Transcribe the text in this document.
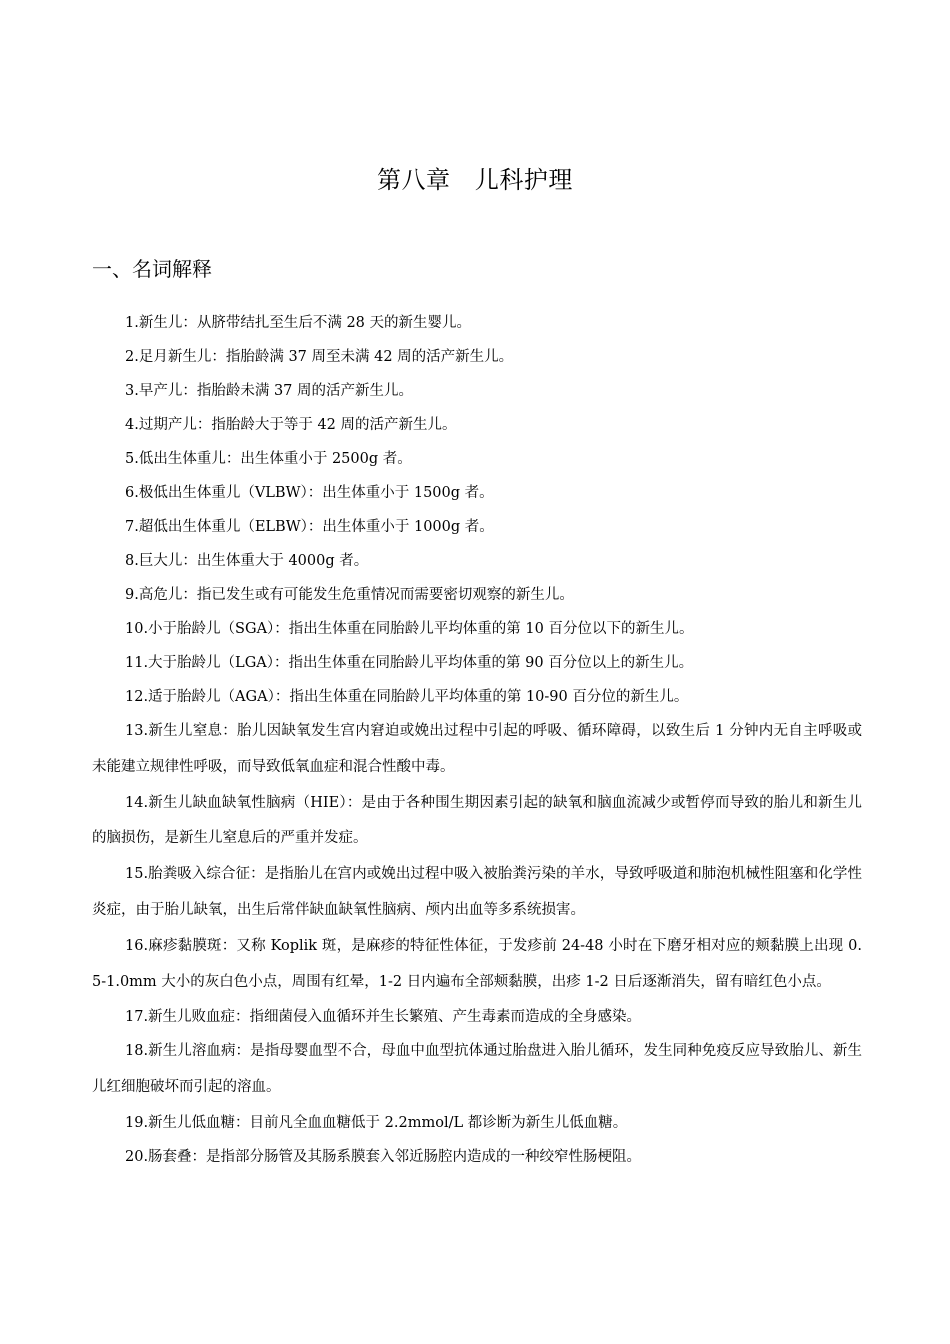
第八章   儿科护理
一、名词解释

1.新生儿：从脐带结扎至生后不满 28 天的新生婴儿。

2.足月新生儿：指胎龄满 37 周至未满 42 周的活产新生儿。

3.早产儿：指胎龄未满 37 周的活产新生儿。

4.过期产儿：指胎龄大于等于 42 周的活产新生儿。

5.低出生体重儿：出生体重小于 2500g 者。

6.极低出生体重儿（VLBW）：出生体重小于 1500g 者。

7.超低出生体重儿（ELBW）：出生体重小于 1000g 者。

8.巨大儿：出生体重大于 4000g 者。

9.高危儿：指已发生或有可能发生危重情况而需要密切观察的新生儿。

10.小于胎龄儿（SGA）：指出生体重在同胎龄儿平均体重的第 10 百分位以下的新生儿。

11.大于胎龄儿（LGA）：指出生体重在同胎龄儿平均体重的第 90 百分位以上的新生儿。

12.适于胎龄儿（AGA）：指出生体重在同胎龄儿平均体重的第 10-90 百分位的新生儿。

13.新生儿窒息：胎儿因缺氧发生宫内窘迫或娩出过程中引起的呼吸、循环障碍，以致生后 1 分钟内无自主呼吸或未能建立规律性呼吸，而导致低氧血症和混合性酸中毒。

14.新生儿缺血缺氧性脑病（HIE）：是由于各种围生期因素引起的缺氧和脑血流减少或暂停而导致的胎儿和新生儿的脑损伤，是新生儿窒息后的严重并发症。

15.胎粪吸入综合征：是指胎儿在宫内或娩出过程中吸入被胎粪污染的羊水，导致呼吸道和肺泡机械性阻塞和化学性炎症，由于胎儿缺氧，出生后常伴缺血缺氧性脑病、颅内出血等多系统损害。

16.麻疹黏膜斑：又称 Koplik 斑，是麻疹的特征性体征，于发疹前 24-48 小时在下磨牙相对应的颊黏膜上出现 0.5-1.0mm 大小的灰白色小点，周围有红晕，1-2 日内遍布全部颊黏膜，出疹 1-2 日后逐渐消失，留有暗红色小点。

17.新生儿败血症：指细菌侵入血循环并生长繁殖、产生毒素而造成的全身感染。

18.新生儿溶血病：是指母婴血型不合，母血中血型抗体通过胎盘进入胎儿循环，发生同种免疫反应导致胎儿、新生儿红细胞破坏而引起的溶血。

19.新生儿低血糖：目前凡全血血糖低于 2.2mmol/L 都诊断为新生儿低血糖。

20.肠套叠：是指部分肠管及其肠系膜套入邻近肠腔内造成的一种绞窄性肠梗阻。
